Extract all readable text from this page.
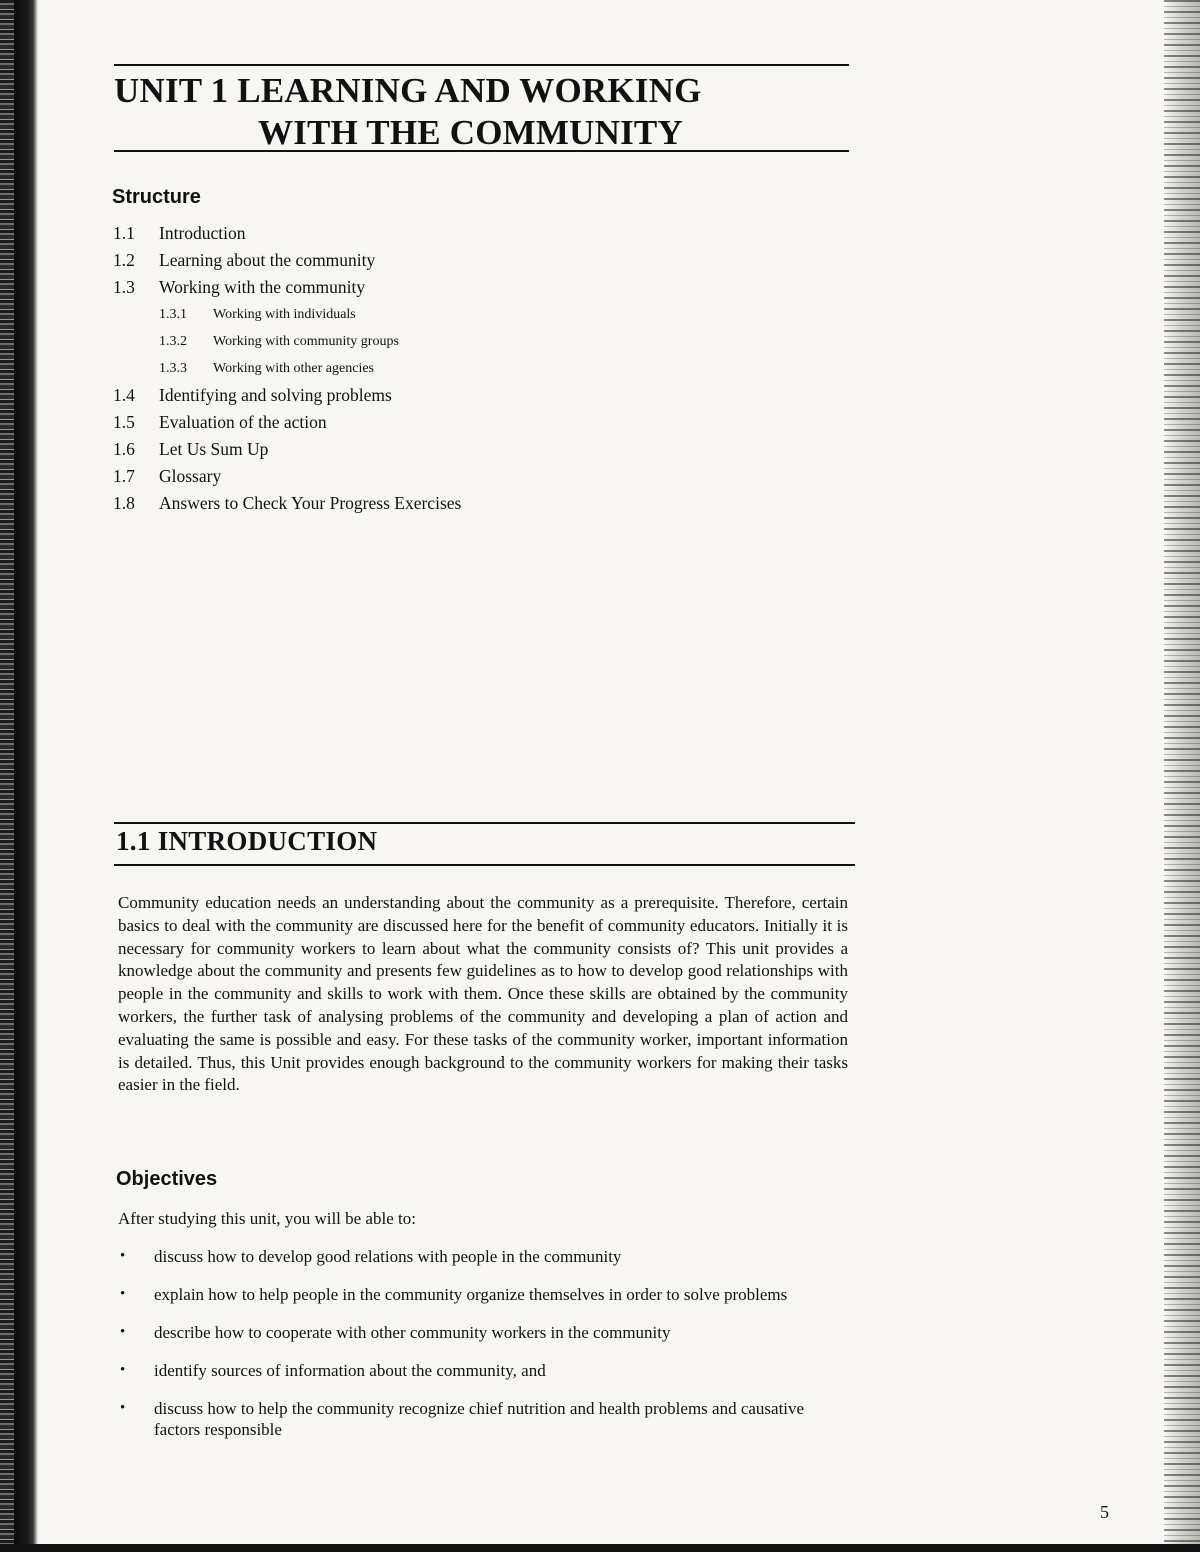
UNIT 1 LEARNING AND WORKING
WITH THE COMMUNITY
Structure
1.1 Introduction
1.2 Learning about the community
1.3 Working with the community
1.3.1 Working with individuals
1.3.2 Working with community groups
1.3.3 Working with other agencies
1.4 Identifying and solving problems
1.5 Evaluation of the action
1.6 Let Us Sum Up
1.7 Glossary
1.8 Answers to Check Your Progress Exercises
1.1 INTRODUCTION

Community education needs an understanding about the community as a prerequisite. Therefore, certain basics to deal with the community are discussed here for the benefit of community educators. Initially it is necessary for community workers to learn about what the community consists of? This unit provides a knowledge about the community and presents few guidelines as to how to develop good relationships with people in the community and skills to work with them. Once these skills are obtained by the community workers, the further task of analysing problems of the community and developing a plan of action and evaluating the same is possible and easy. For these tasks of the community worker, important information is detailed. Thus, this Unit provides enough background to the community workers for making their tasks easier in the field.

Objectives

After studying this unit, you will be able to:

• discuss how to develop good relations with people in the community
• explain how to help people in the community organize themselves in order to solve problems
• describe how to cooperate with other community workers in the community
• identify sources of information about the community, and
• discuss how to help the community recognize chief nutrition and health problems and causative factors responsible
5
